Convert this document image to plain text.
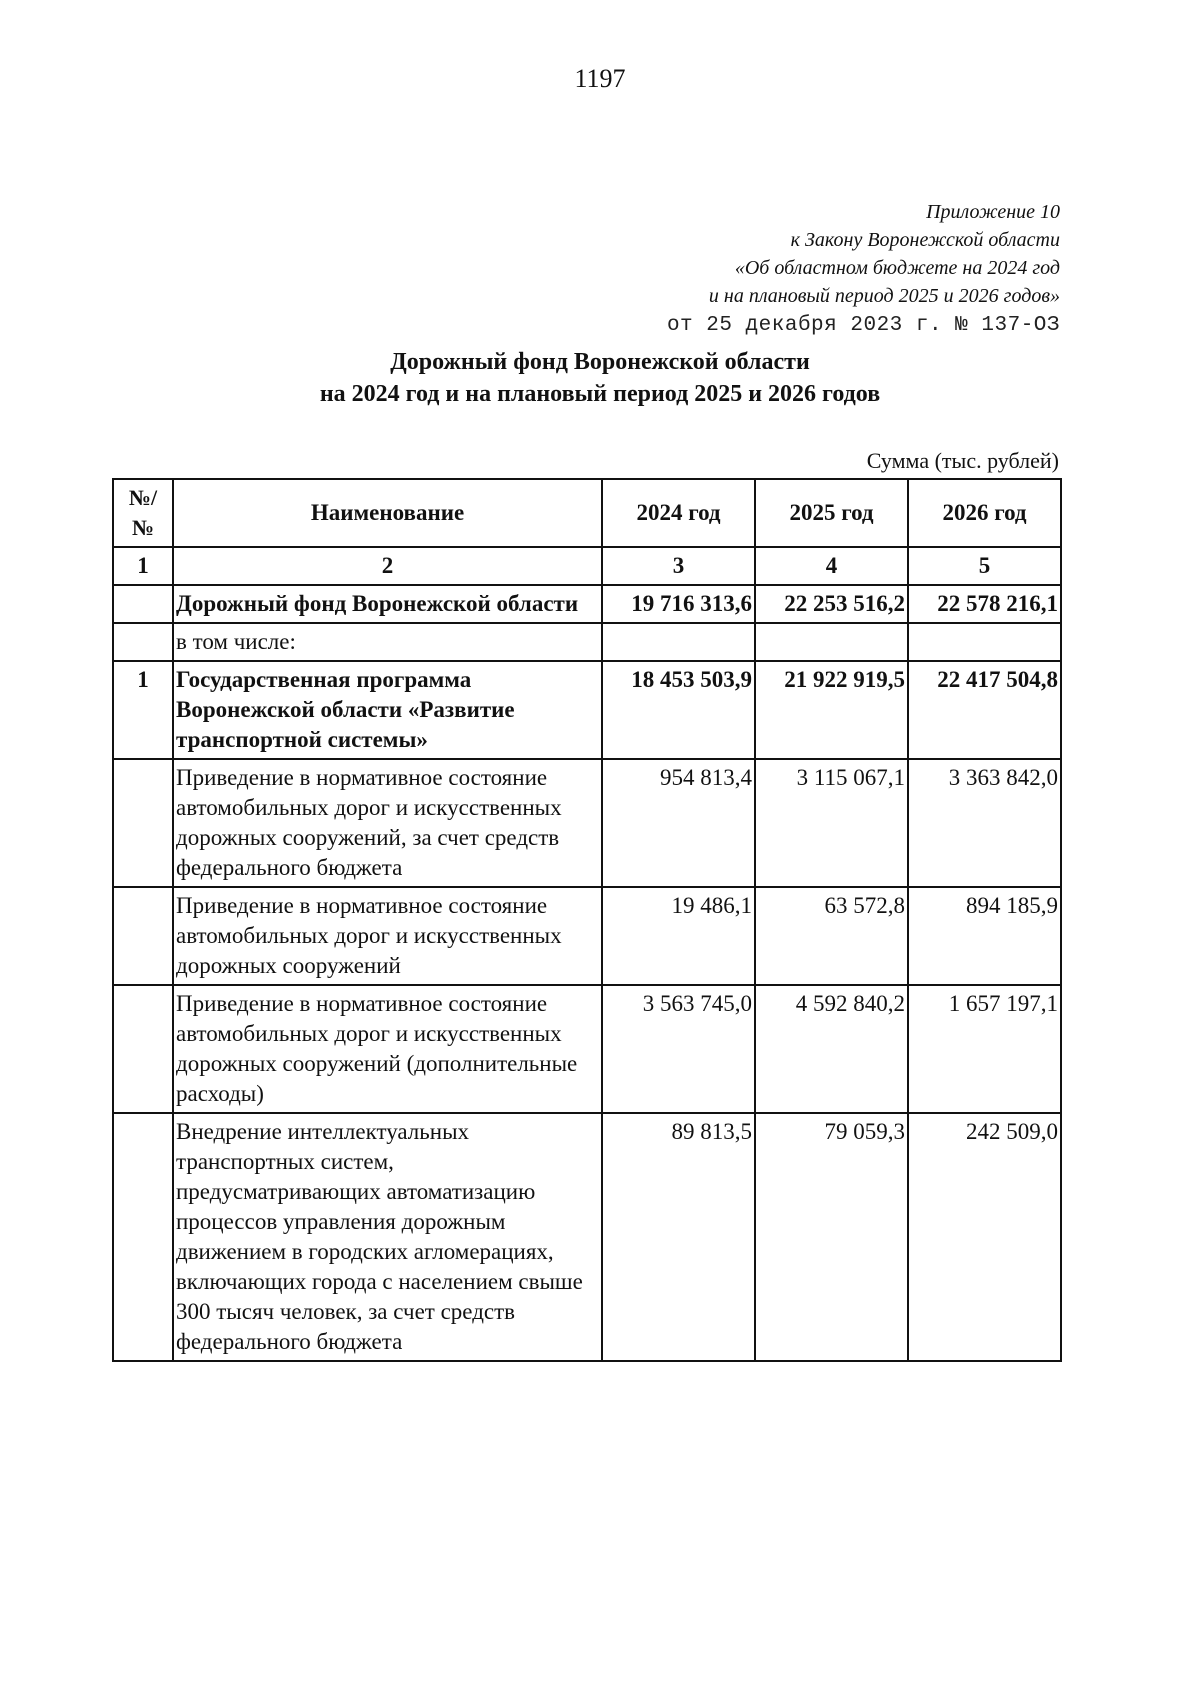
1197
Приложение 10
к Закону Воронежской области
«Об областном бюджете на 2024 год
и на плановый период 2025 и 2026 годов»
от 25 декабря 2023 г. № 137-ОЗ
Дорожный фонд Воронежской области
на 2024 год и на плановый период 2025 и 2026 годов
Сумма (тыс. рублей)
№/ №	Наименование	2024 год	2025 год	2026 год
1	2	3	4	5
	Дорожный фонд Воронежской области	19 716 313,6	22 253 516,2	22 578 216,1
	в том числе:			
1	Государственная программа Воронежской области «Развитие транспортной системы»	18 453 503,9	21 922 919,5	22 417 504,8
	Приведение в нормативное состояние автомобильных дорог и искусственных дорожных сооружений, за счет средств федерального бюджета	954 813,4	3 115 067,1	3 363 842,0
	Приведение в нормативное состояние автомобильных дорог и искусственных дорожных сооружений	19 486,1	63 572,8	894 185,9
	Приведение в нормативное состояние автомобильных дорог и искусственных дорожных сооружений (дополнительные расходы)	3 563 745,0	4 592 840,2	1 657 197,1
	Внедрение интеллектуальных транспортных систем, предусматривающих автоматизацию процессов управления дорожным движением в городских агломерациях, включающих города с населением свыше 300 тысяч человек, за счет средств федерального бюджета	89 813,5	79 059,3	242 509,0
